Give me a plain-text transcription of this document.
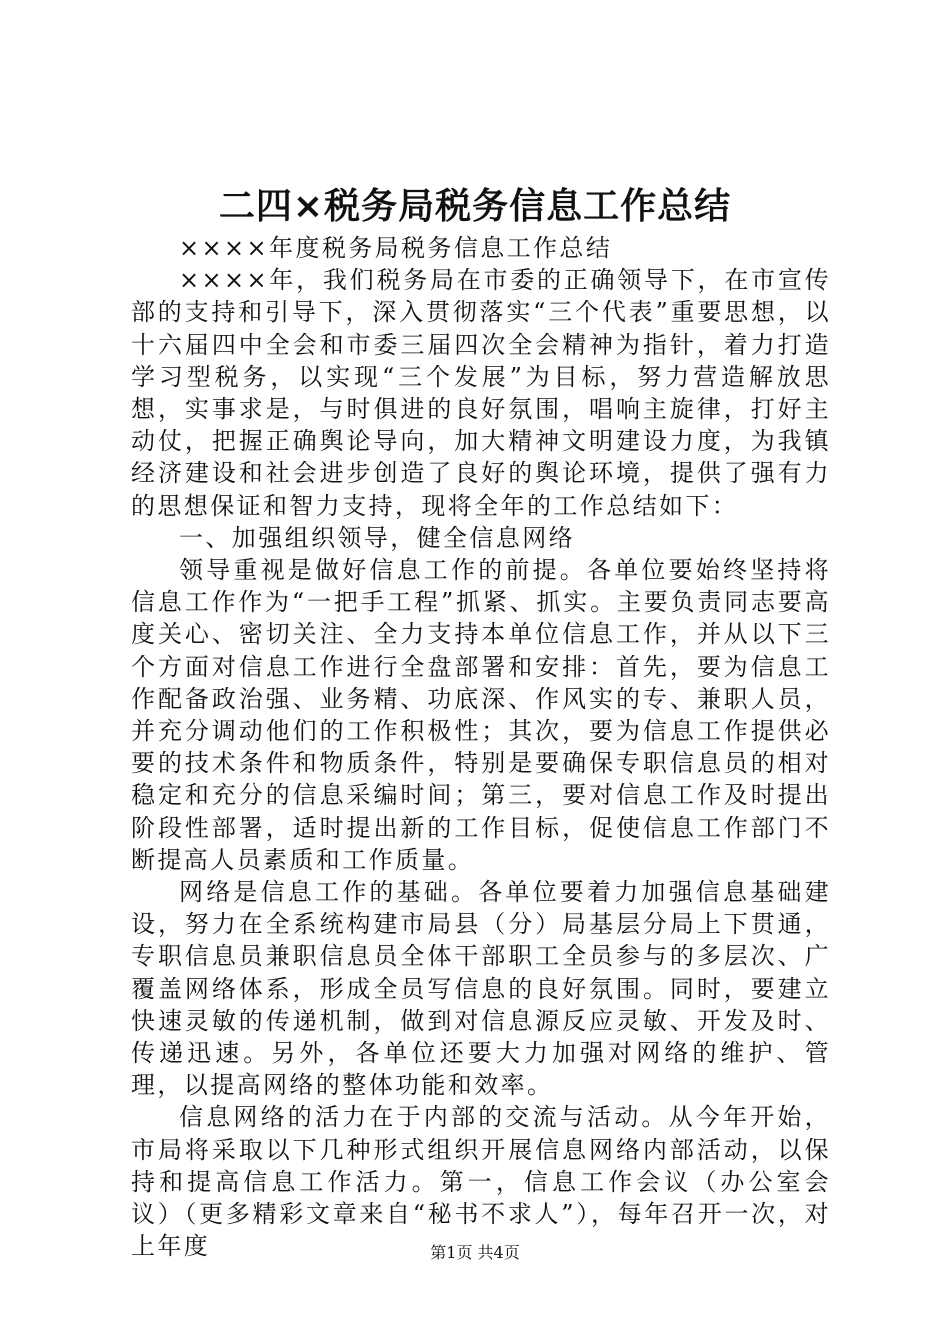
二四×税务局税务信息工作总结

××××年度税务局税务信息工作总结

××××年，我们税务局在市委的正确领导下，在市宣传部的支持和引导下，深入贯彻落实“三个代表”重要思想，以十六届四中全会和市委三届四次全会精神为指针，着力打造学习型税务，以实现“三个发展”为目标，努力营造解放思想，实事求是，与时俱进的良好氛围，唱响主旋律，打好主动仗，把握正确舆论导向，加大精神文明建设力度，为我镇经济建设和社会进步创造了良好的舆论环境，提供了强有力的思想保证和智力支持，现将全年的工作总结如下：

一、加强组织领导，健全信息网络

领导重视是做好信息工作的前提。各单位要始终坚持将信息工作作为“一把手工程”抓紧、抓实。主要负责同志要高度关心、密切关注、全力支持本单位信息工作，并从以下三个方面对信息工作进行全盘部署和安排：首先，要为信息工作配备政治强、业务精、功底深、作风实的专、兼职人员，并充分调动他们的工作积极性；其次，要为信息工作提供必要的技术条件和物质条件，特别是要确保专职信息员的相对稳定和充分的信息采编时间；第三，要对信息工作及时提出阶段性部署，适时提出新的工作目标，促使信息工作部门不断提高人员素质和工作质量。

网络是信息工作的基础。各单位要着力加强信息基础建设，努力在全系统构建市局县（分）局基层分局上下贯通，专职信息员兼职信息员全体干部职工全员参与的多层次、广覆盖网络体系，形成全员写信息的良好氛围。同时，要建立快速灵敏的传递机制，做到对信息源反应灵敏、开发及时、传递迅速。另外，各单位还要大力加强对网络的维护、管理，以提高网络的整体功能和效率。

信息网络的活力在于内部的交流与活动。从今年开始，市局将采取以下几种形式组织开展信息网络内部活动，以保持和提高信息工作活力。第一，信息工作会议（办公室会议）（更多精彩文章来自“秘书不求人”），每年召开一次，对上年度	第1页 共4页
